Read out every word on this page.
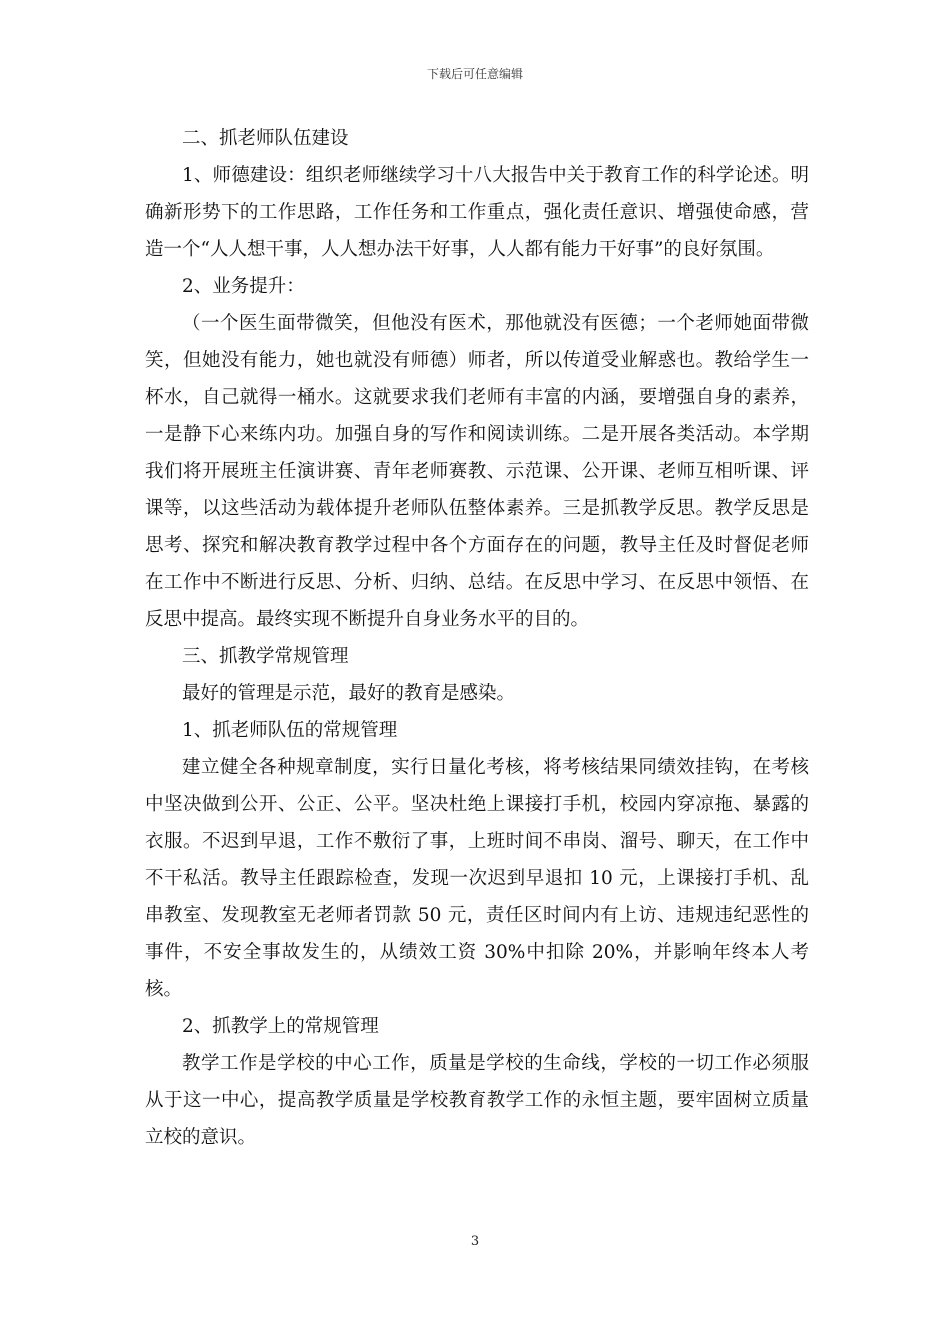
下载后可任意编辑

二、抓老师队伍建设

1、师德建设：组织老师继续学习十八大报告中关于教育工作的科学论述。明确新形势下的工作思路，工作任务和工作重点，强化责任意识、增强使命感，营造一个“人人想干事，人人想办法干好事，人人都有能力干好事”的良好氛围。

2、业务提升：

（一个医生面带微笑，但他没有医术，那他就没有医德；一个老师她面带微笑，但她没有能力，她也就没有师德）师者，所以传道受业解惑也。教给学生一杯水，自己就得一桶水。这就要求我们老师有丰富的内涵，要增强自身的素养，一是静下心来练内功。加强自身的写作和阅读训练。二是开展各类活动。本学期我们将开展班主任演讲赛、青年老师赛教、示范课、公开课、老师互相听课、评课等，以这些活动为载体提升老师队伍整体素养。三是抓教学反思。教学反思是思考、探究和解决教育教学过程中各个方面存在的问题，教导主任及时督促老师在工作中不断进行反思、分析、归纳、总结。在反思中学习、在反思中领悟、在反思中提高。最终实现不断提升自身业务水平的目的。

三、抓教学常规管理

最好的管理是示范，最好的教育是感染。

1、抓老师队伍的常规管理

建立健全各种规章制度，实行日量化考核，将考核结果同绩效挂钩，在考核中坚决做到公开、公正、公平。坚决杜绝上课接打手机，校园内穿凉拖、暴露的衣服。不迟到早退，工作不敷衍了事，上班时间不串岗、溜号、聊天，在工作中不干私活。教导主任跟踪检查，发现一次迟到早退扣 10 元，上课接打手机、乱串教室、发现教室无老师者罚款 50 元，责任区时间内有上访、违规违纪恶性的事件，不安全事故发生的，从绩效工资 30%中扣除 20%，并影响年终本人考核。

2、抓教学上的常规管理

教学工作是学校的中心工作，质量是学校的生命线，学校的一切工作必须服从于这一中心，提高教学质量是学校教育教学工作的永恒主题，要牢固树立质量立校的意识。

3
